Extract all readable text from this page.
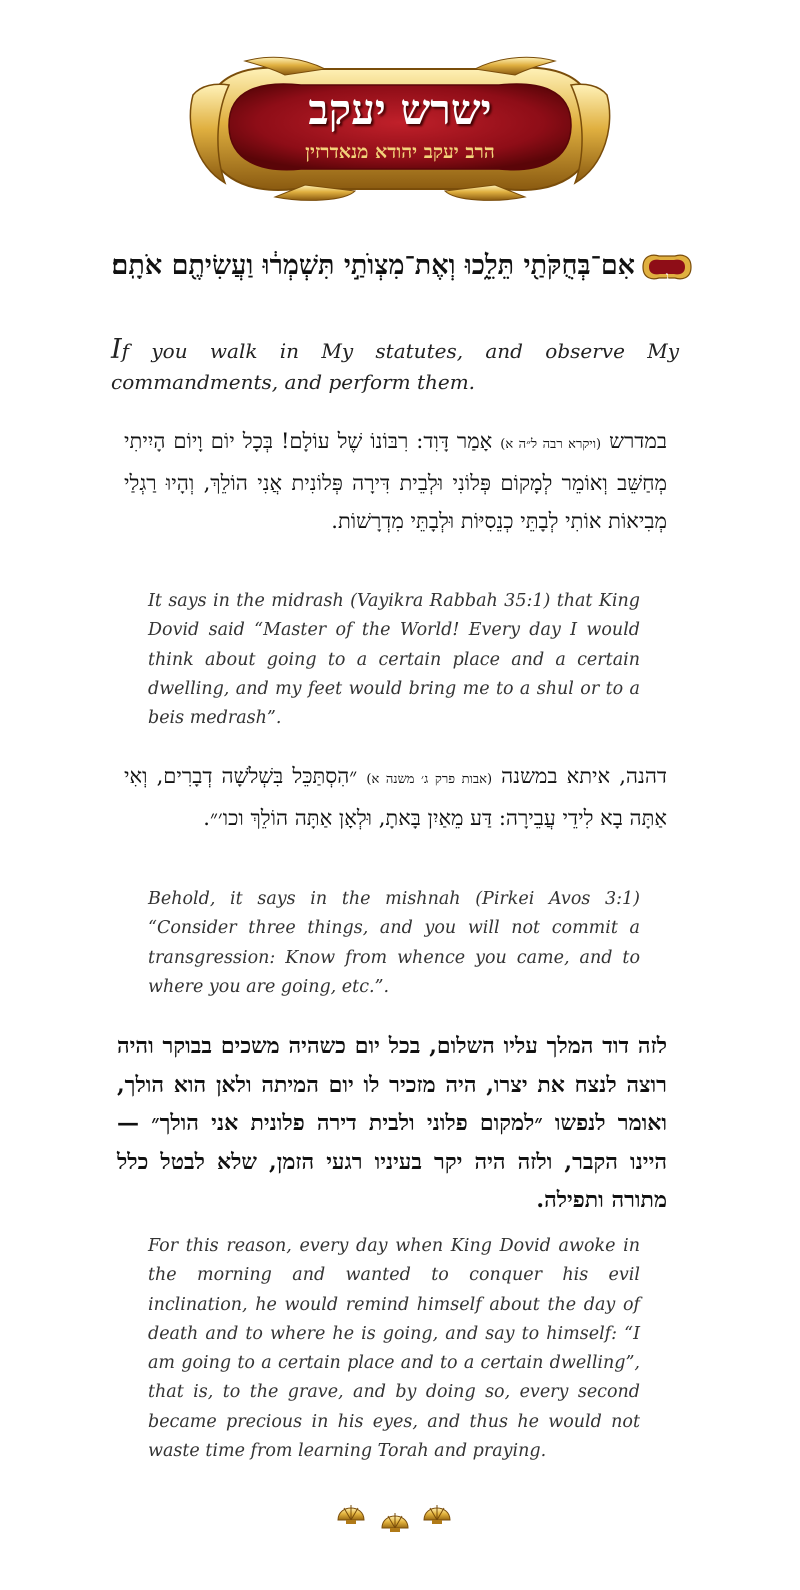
ישרש יעקב
הרב יעקב יהודא מנאדרזין
ג
אִם־בְּחֻקֹּתַ֖י תֵּלֵ֑כוּ וְאֶת־מִצְוֺתַ֣י תִּשְׁמְר֔וּ וַעֲשִׂיתֶ֖ם אֹתָֽם׃
If you walk in My statutes, and observe My commandments, and perform them.
במדרש (ויקרא רבה ל״ה א) אָמַר דָּוִד: רִבּוֹנוֹ שֶׁל עוֹלָם! בְּכָל יוֹם וָיוֹם הָיִיתִי מְחַשֵּׁב וְאוֹמֵר לְמָקוֹם פְּלוֹנִי וּלְבֵית דִּירָה פְּלוֹנִית אֲנִי הוֹלֵךְ, וְהָיוּ רַגְלַי מְבִיאוֹת אוֹתִי לְבָתֵּי כְנֵסִיּוֹת וּלְבָתֵּי מִדְרָשׁוֹת.
It says in the midrash (Vayikra Rabbah 35:1) that King Dovid said “Master of the World! Every day I would think about going to a certain place and a certain dwelling, and my feet would bring me to a shul or to a beis medrash”.
דהנה, איתא במשנה (אבות פרק ג׳ משנה א) ״הִסְתַּכֵּל בִּשְׁלֹשָׁה דְבָרִים, וְאִי אַתָּה בָא לִידֵי עֲבֵירָה: דַּע מֵאַיִן בָּאתָ, וּלְאָן אַתָּה הוֹלֵךְ וכו׳״.
Behold, it says in the mishnah (Pirkei Avos 3:1) “Consider three things, and you will not commit a transgression: Know from whence you came, and to where you are going, etc.”.
לזה דוד המלך עליו השלום, בכל יום כשהיה משכים בבוקר והיה רוצה לנצח את יצרו, היה מזכיר לו יום המיתה ולאן הוא הולך, ואומר לנפשו ״למקום פלוני ולבית דירה פלונית אני הולך״ — היינו הקבר, ולזה היה יקר בעיניו רגעי הזמן, שלא לבטל כלל מתורה ותפילה.
For this reason, every day when King Dovid awoke in the morning and wanted to conquer his evil inclination, he would remind himself about the day of death and to where he is going, and say to himself: “I am going to a certain place and to a certain dwelling”, that is, to the grave, and by doing so, every second became precious in his eyes, and thus he would not waste time from learning Torah and praying.
